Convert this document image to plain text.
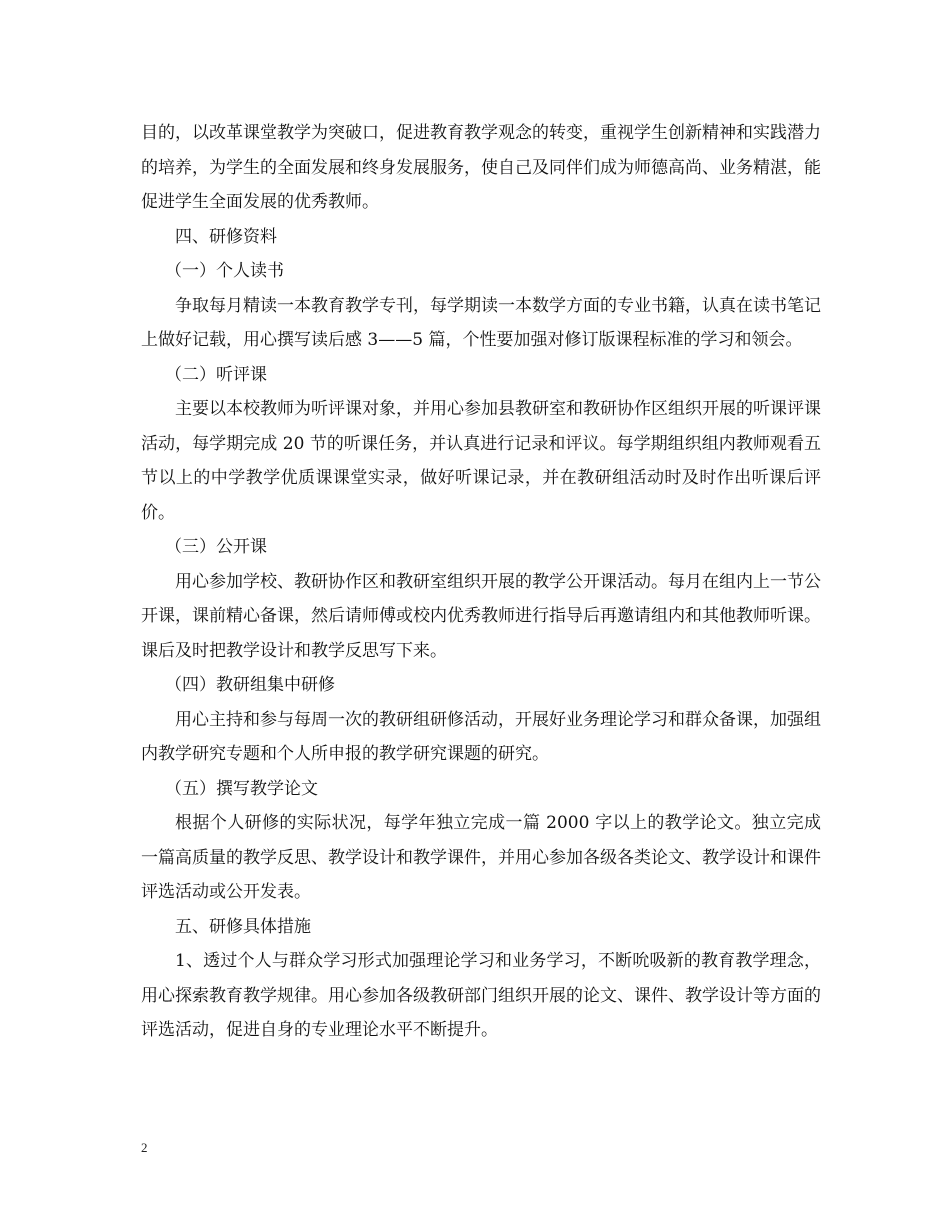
目的，以改革课堂教学为突破口，促进教育教学观念的转变，重视学生创新精神和实践潜力的培养，为学生的全面发展和终身发展服务，使自己及同伴们成为师德高尚、业务精湛，能促进学生全面发展的优秀教师。

四、研修资料

（一）个人读书

争取每月精读一本教育教学专刊，每学期读一本数学方面的专业书籍，认真在读书笔记上做好记载，用心撰写读后感 3——5 篇，个性要加强对修订版课程标准的学习和领会。

（二）听评课

主要以本校教师为听评课对象，并用心参加县教研室和教研协作区组织开展的听课评课活动，每学期完成 20 节的听课任务，并认真进行记录和评议。每学期组织组内教师观看五节以上的中学教学优质课课堂实录，做好听课记录，并在教研组活动时及时作出听课后评价。

（三）公开课

用心参加学校、教研协作区和教研室组织开展的教学公开课活动。每月在组内上一节公开课，课前精心备课，然后请师傅或校内优秀教师进行指导后再邀请组内和其他教师听课。课后及时把教学设计和教学反思写下来。

（四）教研组集中研修

用心主持和参与每周一次的教研组研修活动，开展好业务理论学习和群众备课，加强组内教学研究专题和个人所申报的教学研究课题的研究。

（五）撰写教学论文

根据个人研修的实际状况，每学年独立完成一篇 2000 字以上的教学论文。独立完成一篇高质量的教学反思、教学设计和教学课件，并用心参加各级各类论文、教学设计和课件评选活动或公开发表。

五、研修具体措施

1、透过个人与群众学习形式加强理论学习和业务学习，不断吮吸新的教育教学理念，用心探索教育教学规律。用心参加各级教研部门组织开展的论文、课件、教学设计等方面的评选活动，促进自身的专业理论水平不断提升。

2
